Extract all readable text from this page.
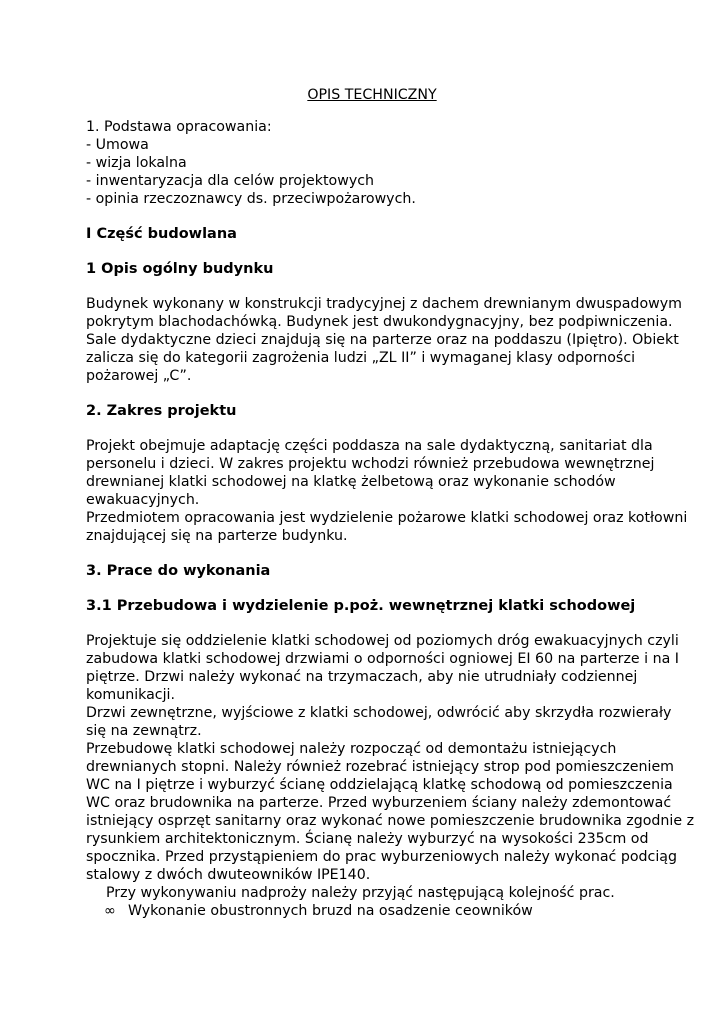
OPIS TECHNICZNY
1. Podstawa opracowania:
- Umowa
- wizja lokalna
- inwentaryzacja dla celów projektowych
- opinia rzeczoznawcy ds. przeciwpożarowych.
I Część budowlana
1 Opis ogólny budynku
Budynek wykonany w konstrukcji tradycyjnej z dachem drewnianym dwuspadowym
pokrytym blachodachówką. Budynek jest dwukondygnacyjny, bez podpiwniczenia.
Sale dydaktyczne dzieci znajdują się na parterze oraz na poddaszu (Ipiętro). Obiekt
zalicza się do kategorii zagrożenia ludzi „ZL II” i wymaganej klasy odporności
pożarowej „C”.
2. Zakres projektu
Projekt obejmuje adaptację części poddasza na sale dydaktyczną, sanitariat dla
personelu i dzieci. W zakres projektu wchodzi również przebudowa wewnętrznej
drewnianej klatki schodowej na klatkę żelbetową oraz wykonanie schodów
ewakuacyjnych.
Przedmiotem opracowania jest wydzielenie pożarowe klatki schodowej oraz kotłowni
znajdującej się na parterze budynku.
3. Prace do wykonania
3.1 Przebudowa i wydzielenie p.poż. wewnętrznej klatki schodowej
Projektuje się oddzielenie klatki schodowej od poziomych dróg ewakuacyjnych czyli
zabudowa klatki schodowej drzwiami o odporności ogniowej EI 60 na parterze i na I
piętrze. Drzwi należy wykonać na trzymaczach, aby nie utrudniały codziennej
komunikacji.
Drzwi zewnętrzne, wyjściowe z klatki schodowej, odwrócić aby skrzydła rozwierały
się na zewnątrz.
Przebudowę klatki schodowej należy rozpocząć od demontażu istniejących
drewnianych stopni. Należy również rozebrać istniejący strop pod pomieszczeniem
WC na I piętrze i wyburzyć ścianę oddzielającą klatkę schodową od pomieszczenia
WC oraz brudownika na parterze. Przed wyburzeniem ściany należy zdemontować
istniejący osprzęt sanitarny oraz wykonać nowe pomieszczenie brudownika zgodnie z
rysunkiem architektonicznym. Ścianę należy wyburzyć na wysokości 235cm od
spocznika. Przed przystąpieniem do prac wyburzeniowych należy wykonać podciąg
stalowy z dwóch dwuteowników IPE140.
Przy wykonywaniu nadproży należy przyjąć następującą kolejność prac.
∞ Wykonanie obustronnych bruzd na osadzenie ceowników
